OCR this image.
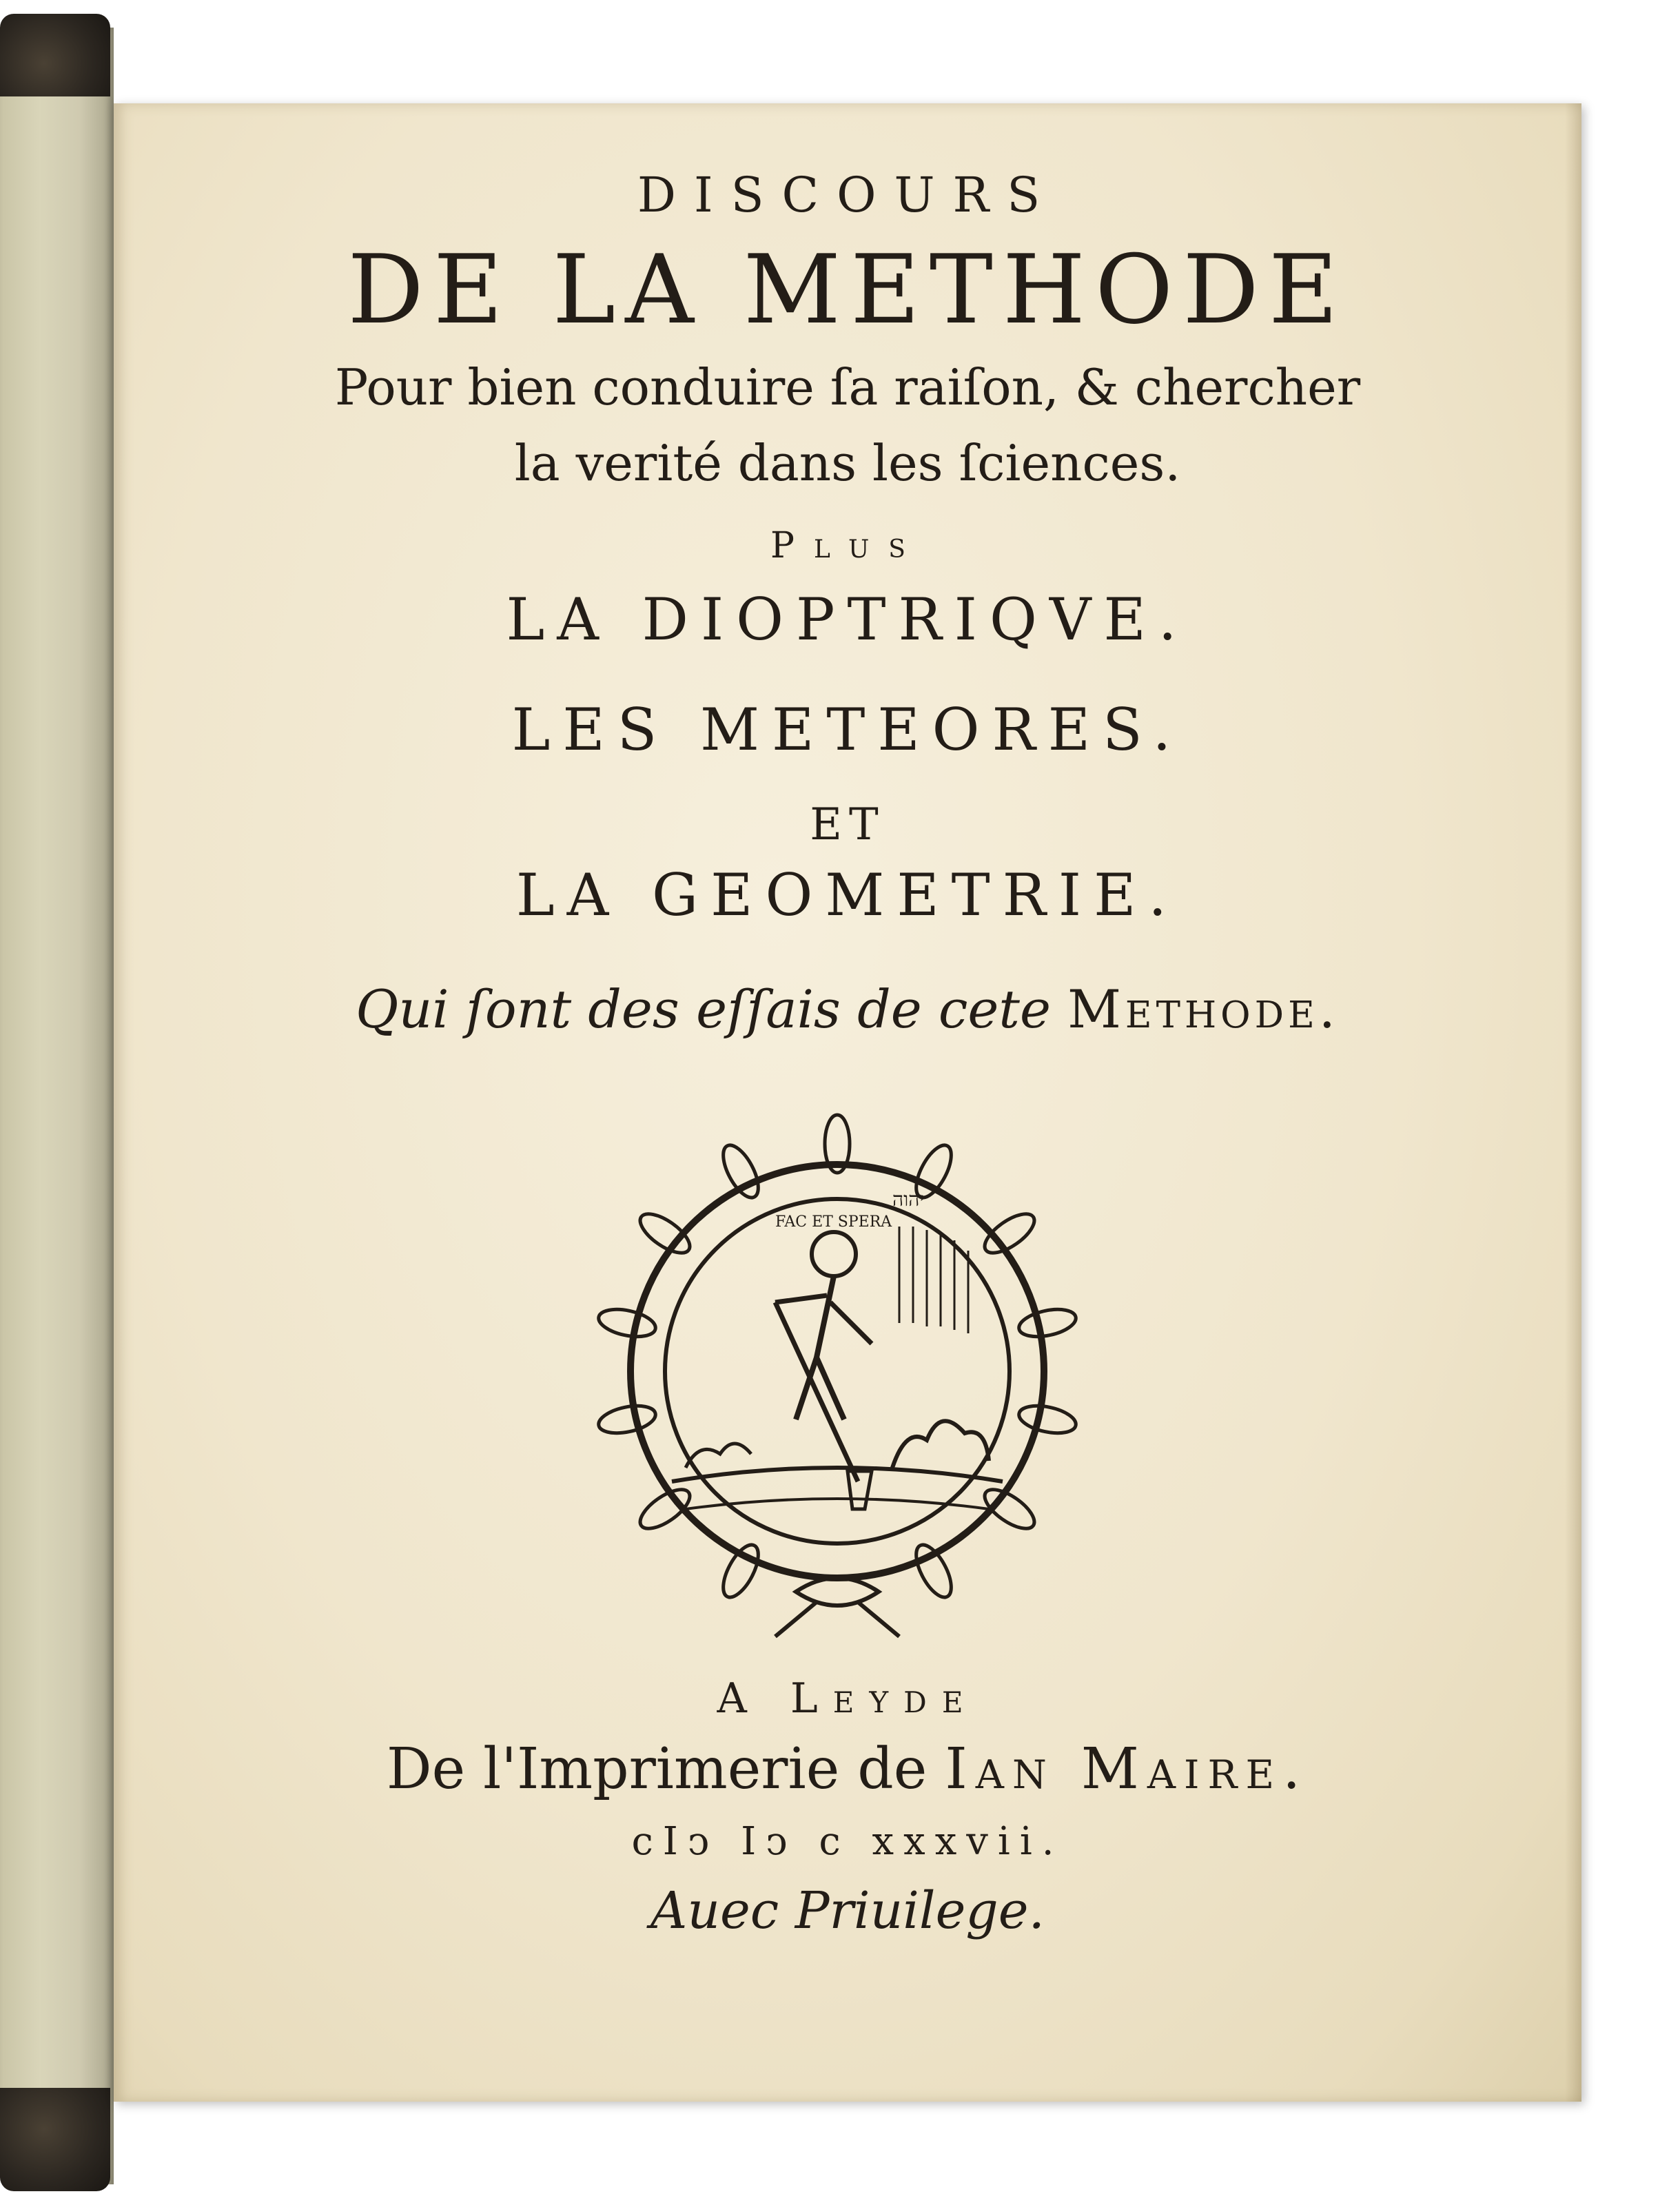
DISCOURS
DE LA METHODE
Pour bien conduire ſa raiſon, & chercher
la verité dans les ſciences.
Plus
LA DIOPTRIQVE.
LES METEORES.
ET
LA GEOMETRIE.
Qui ſont des eſſais de cete Methode.
FAC ET SPERA
יהוה
A Leyde
De l'Imprimerie de Ian Maire.
cIↄ Iↄ c xxxvii.
Auec Priuilege.
